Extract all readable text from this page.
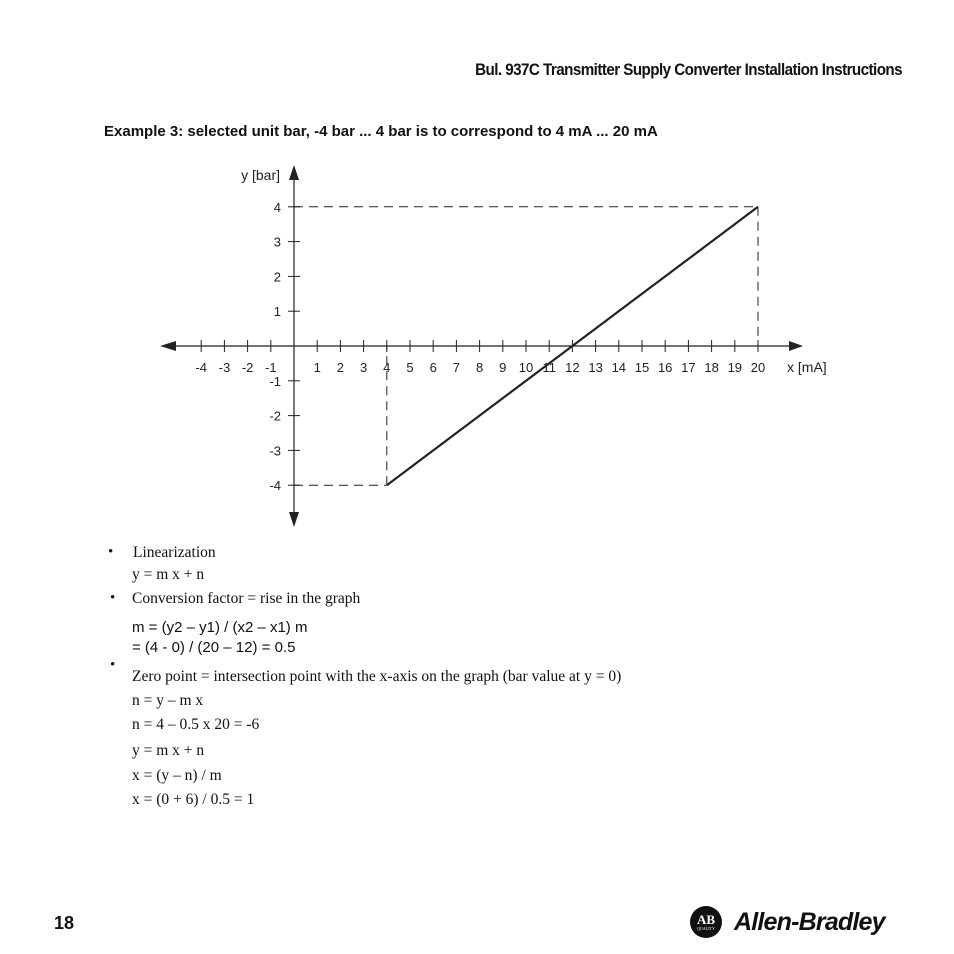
Bul. 937C Transmitter Supply Converter Installation Instructions
Example 3: selected unit bar, -4 bar ... 4 bar is to correspond to 4 mA ... 20 mA
-4 -3 -2 -1	1 2 3 4 5 6 7 8 9 10 11 12 13 14 15 16 17 18 19 20
4
3
2
1
-1
-2
-3
-4
y [bar]
x [mA]
• Linearization
y = m x + n
• Conversion factor = rise in the graph
m = (y2 – y1) / (x2 – x1) m
= (4 - 0) / (20 – 12) = 0.5
•
Zero point = intersection point with the x-axis on the graph (bar value at y = 0)
n = y – m x
n = 4 – 0.5 x 20 = -6
y = m x + n
x = (y – n) / m
x = (0 + 6) / 0.5 = 1
18	AB
QUALITY Allen-Bradley
